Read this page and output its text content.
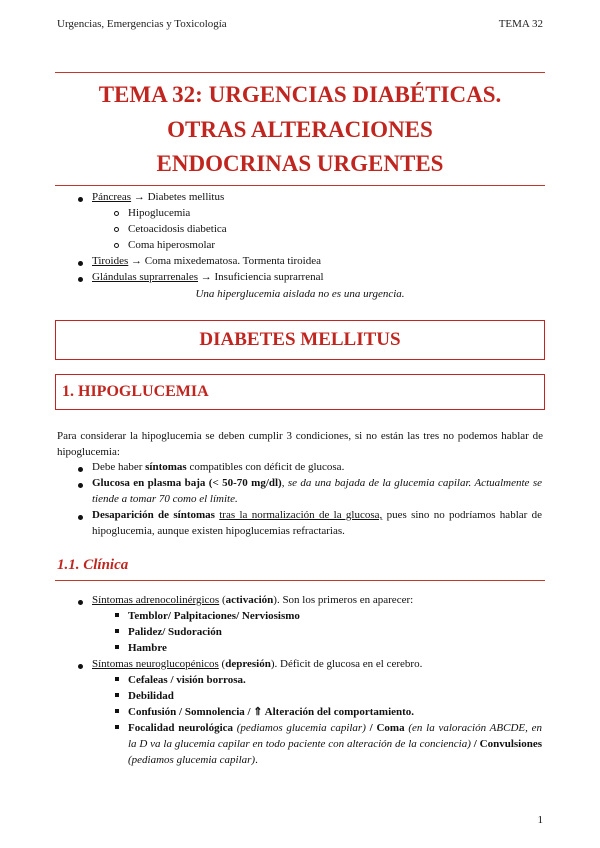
Urgencias, Emergencias y Toxicología	TEMA 32
TEMA 32: URGENCIAS DIABÉTICAS.
OTRAS ALTERACIONES
ENDOCRINAS URGENTES
Páncreas → Diabetes mellitus
Hipoglucemia
Cetoacidosis diabetica
Coma hiperosmolar
Tiroides → Coma mixedematosa. Tormenta tiroidea
Glándulas suprarrenales → Insuficiencia suprarrenal
Una hiperglucemia aislada no es una urgencia.
DIABETES MELLITUS
1. HIPOGLUCEMIA
Para considerar la hipoglucemia se deben cumplir 3 condiciones, si no están las tres no podemos hablar de hipoglucemia:
Debe haber síntomas compatibles con déficit de glucosa.
Glucosa en plasma baja (< 50-70 mg/dl), se da una bajada de la glucemia capilar. Actualmente se tiende a tomar 70 como el límite.
Desaparición de síntomas tras la normalización de la glucosa, pues sino no podríamos hablar de hipoglucemia, aunque existen hipoglucemias refractarias.
1.1. Clínica
Síntomas adrenocolinérgicos (activación). Son los primeros en aparecer:
Temblor/ Palpitaciones/ Nerviosismo
Palidez/ Sudoración
Hambre
Síntomas neuroglucopénicos (depresión). Déficit de glucosa en el cerebro.
Cefaleas / visión borrosa.
Debilidad
Confusión / Somnolencia / ⇑ Alteración del comportamiento.
Focalidad neurológica (pediamos glucemia capilar) / Coma (en la valoración ABCDE, en la D va la glucemia capilar en todo paciente con alteración de la conciencia) / Convulsiones (pediamos glucemia capilar).
1
